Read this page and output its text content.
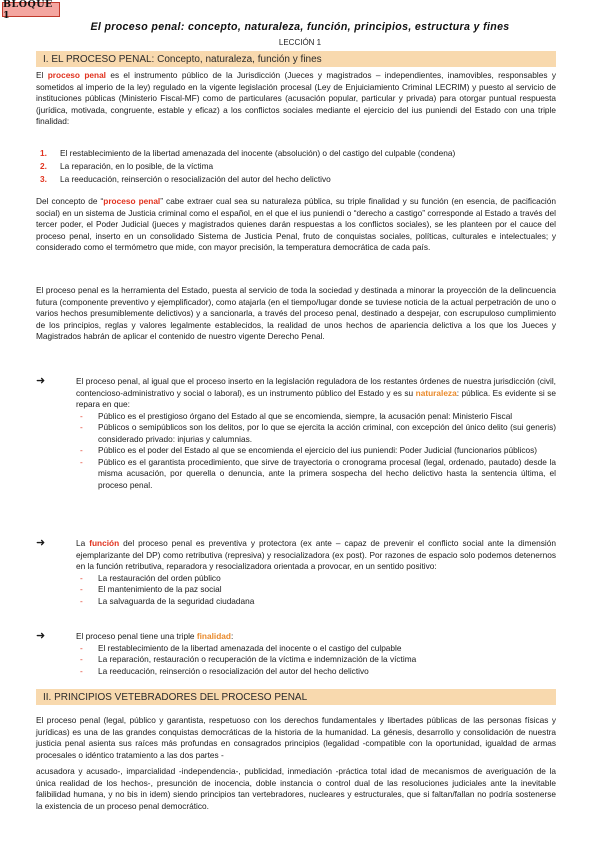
BLOQUE 1
El proceso penal: concepto, naturaleza, función, principios, estructura y fines
LECCIÓN 1
I. EL PROCESO PENAL: Concepto, naturaleza, función y fines
El proceso penal es el instrumento público de la Jurisdicción (Jueces y magistrados – independientes, inamovibles, responsables y sometidos al imperio de la ley) regulado en la vigente legislación procesal (Ley de Enjuiciamiento Criminal LECRIM) y puesto al servicio de instituciones públicas (Ministerio Fiscal-MF) como de particulares (acusación popular, particular y privada) para otorgar puntual respuesta (jurídica, motivada, congruente, estable y eficaz) a los conflictos sociales mediante el ejercicio del ius puniendi del Estado con una triple finalidad:
1.	El restablecimiento de la libertad amenazada del inocente (absolución) o del castigo del culpable (condena)
2.	La reparación, en lo posible, de la víctima
3.	La reeducación, reinserción o resocialización del autor del hecho delictivo
Del concepto de “proceso penal” cabe extraer cual sea su naturaleza pública, su triple finalidad y su función (en esencia, de pacificación social) en un sistema de Justicia criminal como el español, en el que el ius puniendi o “derecho a castigo” corresponde al Estado a través del tercer poder, el Poder Judicial (jueces y magistrados quienes darán respuestas a los conflictos sociales), se les planteen por el cauce del proceso penal, inserto en un consolidado Sistema de Justicia Penal, fruto de conquistas sociales, políticas, culturales e intelectuales; y considerado como el termómetro que mide, con mayor precisión, la temperatura democrática de cada país.
El proceso penal es la herramienta del Estado, puesta al servicio de toda la sociedad y destinada a minorar la proyección de la delincuencia futura (componente preventivo y ejemplificador), como atajarla (en el tiempo/lugar donde se tuviese noticia de la actual perpetración de uno o varios hechos presumiblemente delictivos) y a sancionarla, a través del proceso penal, destinado a despejar, con escrupuloso cumplimiento de los principios, reglas y valores legalmente establecidos, la realidad de unos hechos de apariencia delictiva a los que los Jueces y Magistrados habrán de aplicar el contenido de nuestro vigente Derecho Penal.
➜	El proceso penal, al igual que el proceso inserto en la legislación reguladora de los restantes órdenes de nuestra jurisdicción (civil, contencioso-administrativo y social o laboral), es un instrumento público del Estado y es su naturaleza: pública. Es evidente si se repara en que:
-	Público es el prestigioso órgano del Estado al que se encomienda, siempre, la acusación penal: Ministerio Fiscal
-	Públicos o semipúblicos son los delitos, por lo que se ejercita la acción criminal, con excepción del único delito (sui generis) considerado privado: injurias y calumnias.
-	Público es el poder del Estado al que se encomienda el ejercicio del ius puniendi: Poder Judicial (funcionarios públicos)
-	Público es el garantista procedimiento, que sirve de trayectoria o cronograma procesal (legal, ordenado, pautado) desde la misma acusación, por querella o denuncia, ante la primera sospecha del hecho delictivo hasta la sentencia última, el proceso penal.
➜	La función del proceso penal es preventiva y protectora (ex ante – capaz de prevenir el conflicto social ante la dimensión ejemplarizante del DP) como retributiva (represiva) y resocializadora (ex post). Por razones de espacio solo podemos detenernos en la función retributiva, reparadora y resocializadora orientada a provocar, en un sentido positivo:
-	La restauración del orden público
-	El mantenimiento de la paz social
-	La salvaguarda de la seguridad ciudadana
➜	El proceso penal tiene una triple finalidad:
-	El restablecimiento de la libertad amenazada del inocente o el castigo del culpable
-	La reparación, restauración o recuperación de la víctima e indemnización de la víctima
-	La reeducación, reinserción o resocialización del autor del hecho delictivo
II. PRINCIPIOS VETEBRADORES DEL PROCESO PENAL
El proceso penal (legal, público y garantista, respetuoso con los derechos fundamentales y libertades públicas de las personas físicas y jurídicas) es una de las grandes conquistas democráticas de la historia de la humanidad. La génesis, desarrollo y consolidación de nuestra justicia penal asienta sus raíces más profundas en consagrados principios (legalidad -compatible con la oportunidad, igualdad de armas procesales o idéntico tratamiento a las dos partes -
acusadora y acusado-, imparcialidad -independencia-, publicidad, inmediación -práctica total idad de mecanismos de averiguación de la única realidad de los hechos-, presunción de inocencia, doble instancia o control dual de las resoluciones judiciales ante la inevitable falibilidad humana, y no bis in idem) siendo principios tan vertebradores, nucleares y estructurales, que si faltan/fallan no podría sostenerse la existencia de un proceso penal democrático.
